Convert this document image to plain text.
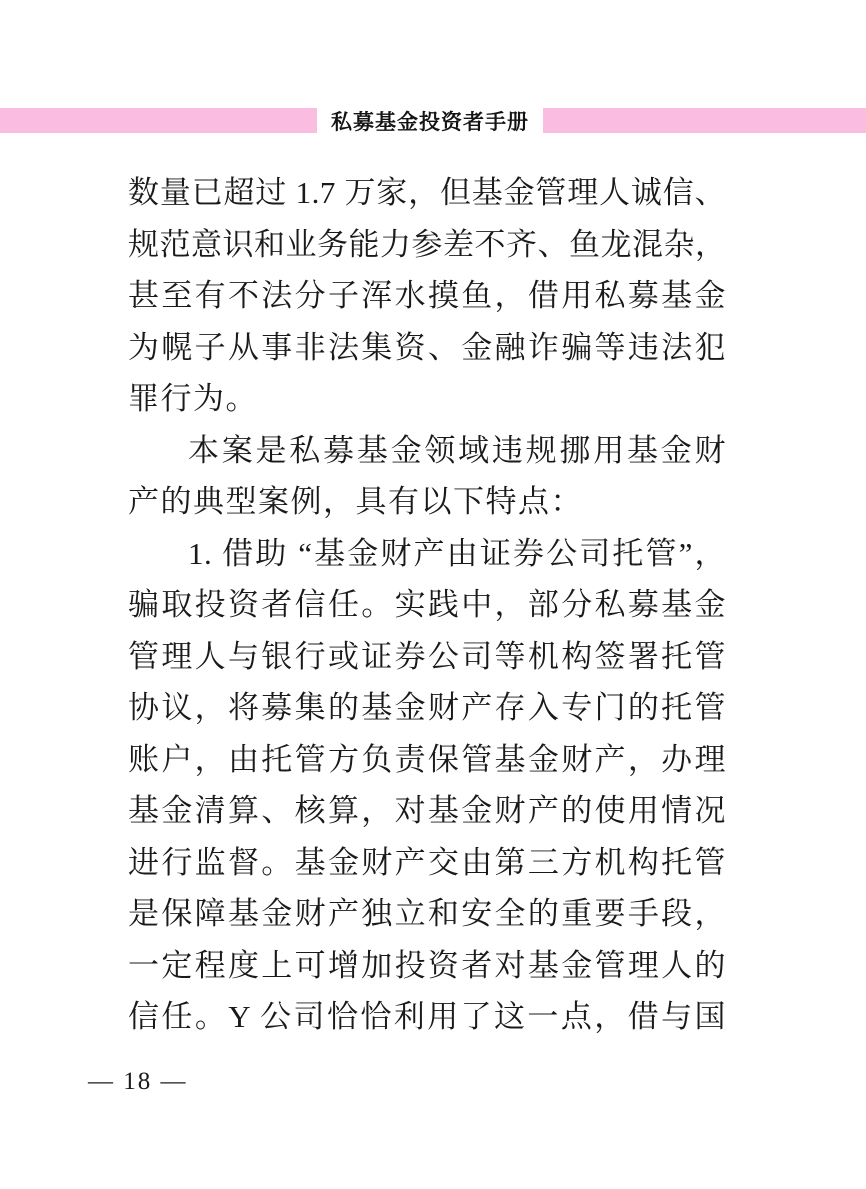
私募基金投资者手册
数量已超过 1.7 万家，但基金管理人诚信、
规范意识和业务能力参差不齐、鱼龙混杂，
甚至有不法分子浑水摸鱼，借用私募基金
为幌子从事非法集资、金融诈骗等违法犯
罪行为。
本案是私募基金领域违规挪用基金财
产的典型案例，具有以下特点：
1. 借助 “基金财产由证券公司托管”，
骗取投资者信任。实践中，部分私募基金
管理人与银行或证券公司等机构签署托管
协议，将募集的基金财产存入专门的托管
账户，由托管方负责保管基金财产，办理
基金清算、核算，对基金财产的使用情况
进行监督。基金财产交由第三方机构托管
是保障基金财产独立和安全的重要手段，
一定程度上可增加投资者对基金管理人的
信任。Y 公司恰恰利用了这一点，借与国
— 18 —
